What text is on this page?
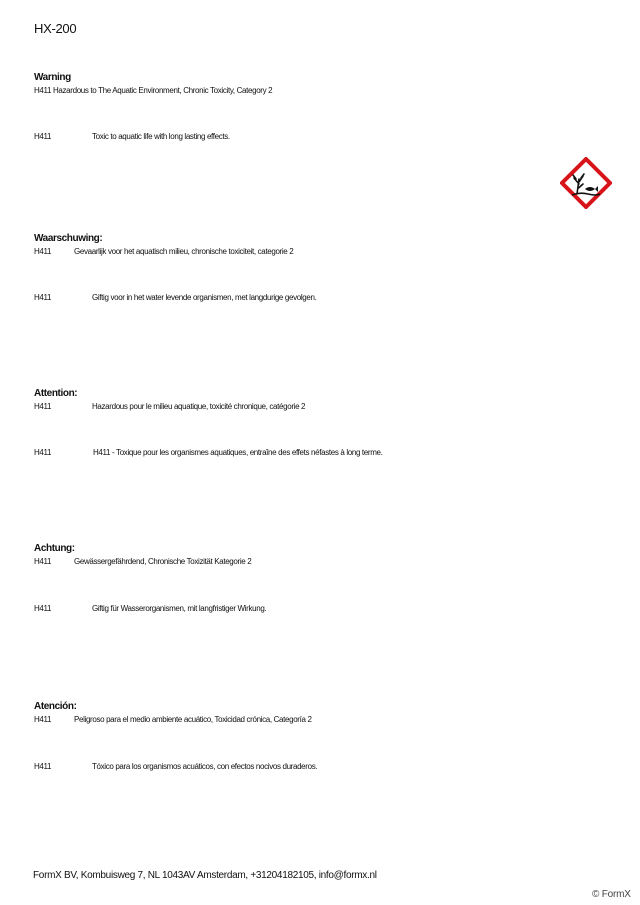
HX-200
Warning
H411 Hazardous to The Aquatic Environment, Chronic Toxicity, Category 2
H411	Toxic to aquatic life with long lasting effects.
Waarschuwing:
H411	Gevaarlijk voor het aquatisch milieu, chronische toxiciteit, categorie 2
H411	Giftig voor in het water levende organismen, met langdurige gevolgen.
Attention:
H411	Hazardous pour le milieu aquatique, toxicité chronique, catégorie 2
H411	H411 - Toxique pour les organismes aquatiques, entraîne des effets néfastes à long terme.
Achtung:
H411	Gewässergefährdend, Chronische Toxizität Kategorie 2
H411	Giftig für Wasserorganismen, mit langfristiger Wirkung.
Atención:
H411	Peligroso para el medio ambiente acuático, Toxicidad crónica, Categoría 2
H411	Tóxico para los organismos acuáticos, con efectos nocivos duraderos.
FormX BV, Kombuisweg 7, NL 1043AV Amsterdam, +31204182105, info@formx.nl
© FormX
